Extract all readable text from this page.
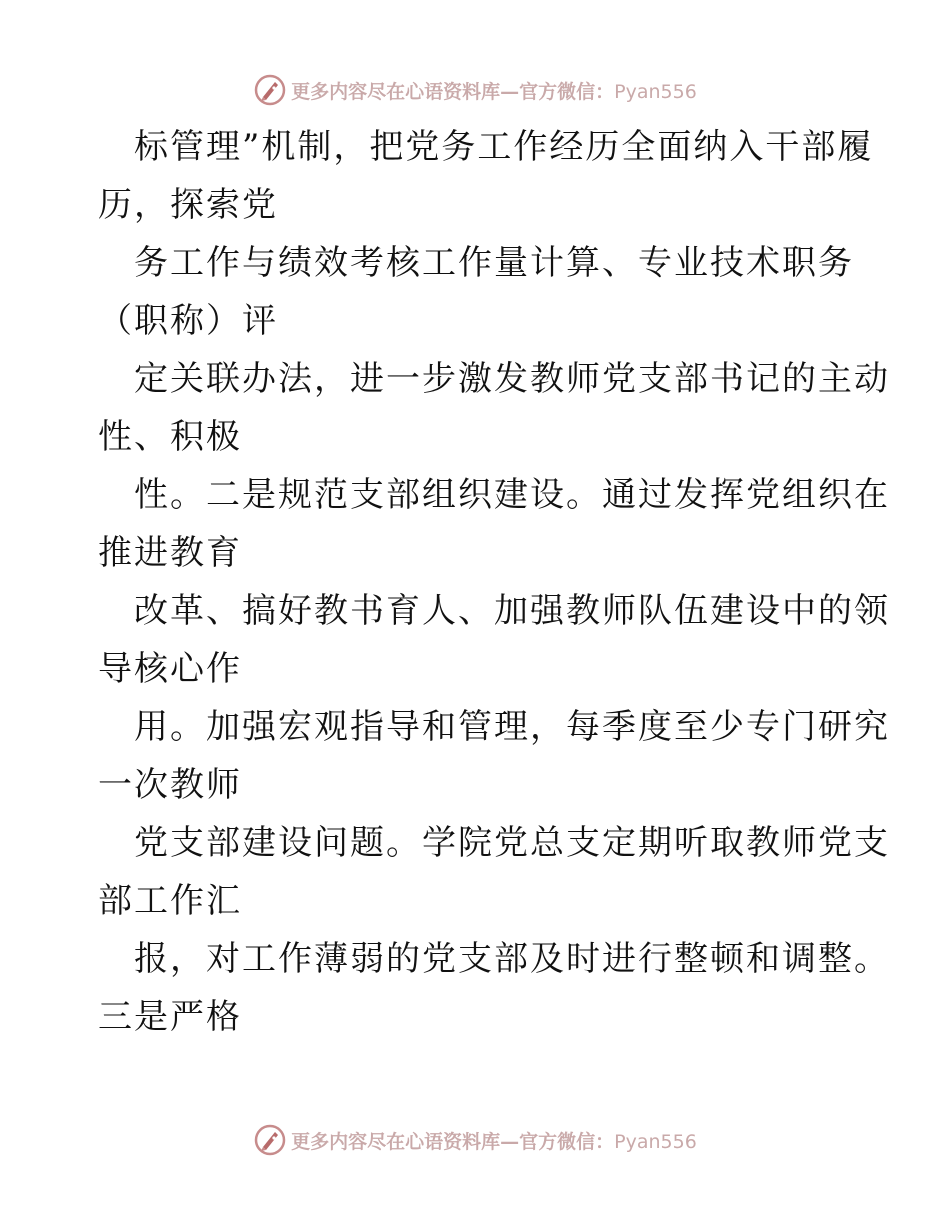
更多内容尽在心语资料库—官方微信：Pyan556
标管理”机制，把党务工作经历全面纳入干部履
历，探索党
务工作与绩效考核工作量计算、专业技术职务
（职称）评
定关联办法，进一步激发教师党支部书记的主动
性、积极
性。二是规范支部组织建设。通过发挥党组织在
推进教育
改革、搞好教书育人、加强教师队伍建设中的领
导核心作
用。加强宏观指导和管理，每季度至少专门研究
一次教师
党支部建设问题。学院党总支定期听取教师党支
部工作汇
报，对工作薄弱的党支部及时进行整顿和调整。
三是严格
更多内容尽在心语资料库—官方微信：Pyan556
